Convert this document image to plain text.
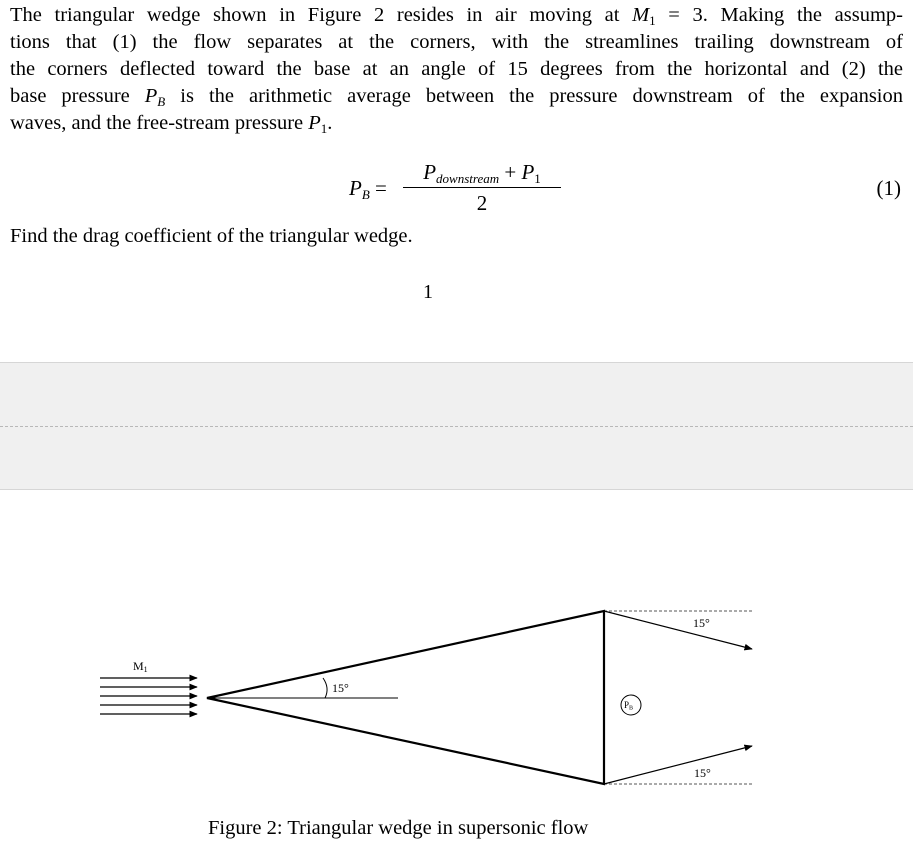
The triangular wedge shown in Figure 2 resides in air moving at $M_1 = 3$. Making the assump-
tions that (1) the flow separates at the corners, with the streamlines trailing downstream of
the corners deflected toward the base at an angle of 15 degrees from the horizontal and (2) the
base pressure $P_B$ is the arithmetic average between the pressure downstream of the expansion
waves, and the free-stream pressure $P_1$.
$P_B$ =
$P_{downstream} + P_1$
2
(1)
Find the drag coefficient of the triangular wedge.
1
M1
15°
15°
15°
PB
Figure 2: Triangular wedge in supersonic flow
